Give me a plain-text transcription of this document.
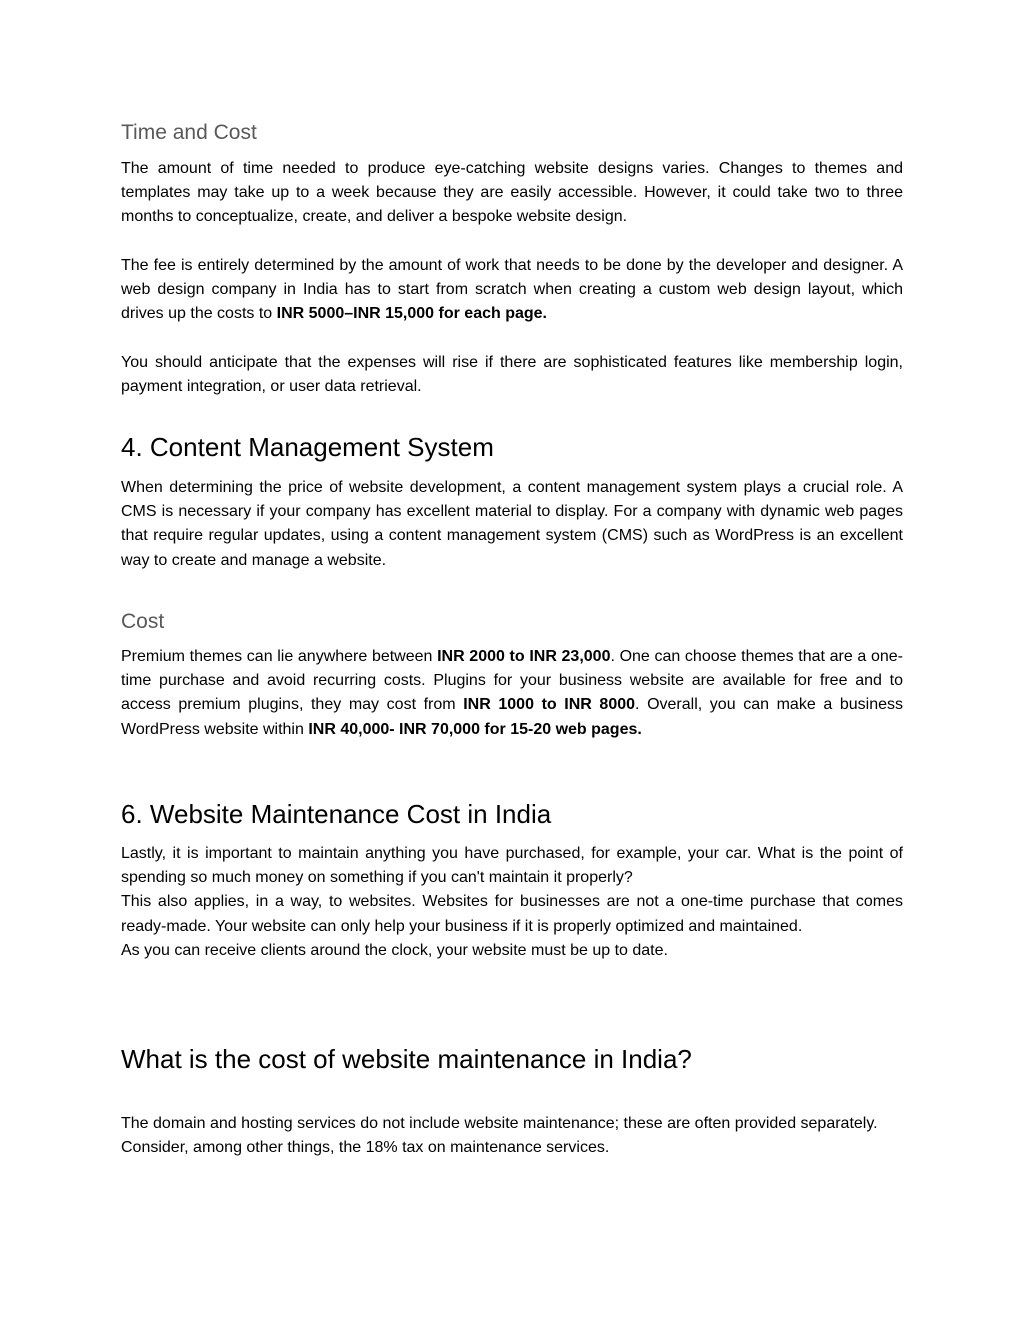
Time and Cost

The amount of time needed to produce eye-catching website designs varies. Changes to themes and templates may take up to a week because they are easily accessible. However, it could take two to three months to conceptualize, create, and deliver a bespoke website design.

The fee is entirely determined by the amount of work that needs to be done by the developer and designer. A web design company in India has to start from scratch when creating a custom web design layout, which drives up the costs to INR 5000–INR 15,000 for each page.

You should anticipate that the expenses will rise if there are sophisticated features like membership login, payment integration, or user data retrieval.

4. Content Management System

When determining the price of website development, a content management system plays a crucial role. A CMS is necessary if your company has excellent material to display. For a company with dynamic web pages that require regular updates, using a content management system (CMS) such as WordPress is an excellent way to create and manage a website.

Cost

Premium themes can lie anywhere between INR 2000 to INR 23,000. One can choose themes that are a one-time purchase and avoid recurring costs. Plugins for your business website are available for free and to access premium plugins, they may cost from INR 1000 to INR 8000. Overall, you can make a business WordPress website within INR 40,000- INR 70,000 for 15-20 web pages.

6. Website Maintenance Cost in India

Lastly, it is important to maintain anything you have purchased, for example, your car. What is the point of spending so much money on something if you can't maintain it properly?
This also applies, in a way, to websites. Websites for businesses are not a one-time purchase that comes ready-made. Your website can only help your business if it is properly optimized and maintained.
As you can receive clients around the clock, your website must be up to date.

What is the cost of website maintenance in India?

The domain and hosting services do not include website maintenance; these are often provided separately. Consider, among other things, the 18% tax on maintenance services.
